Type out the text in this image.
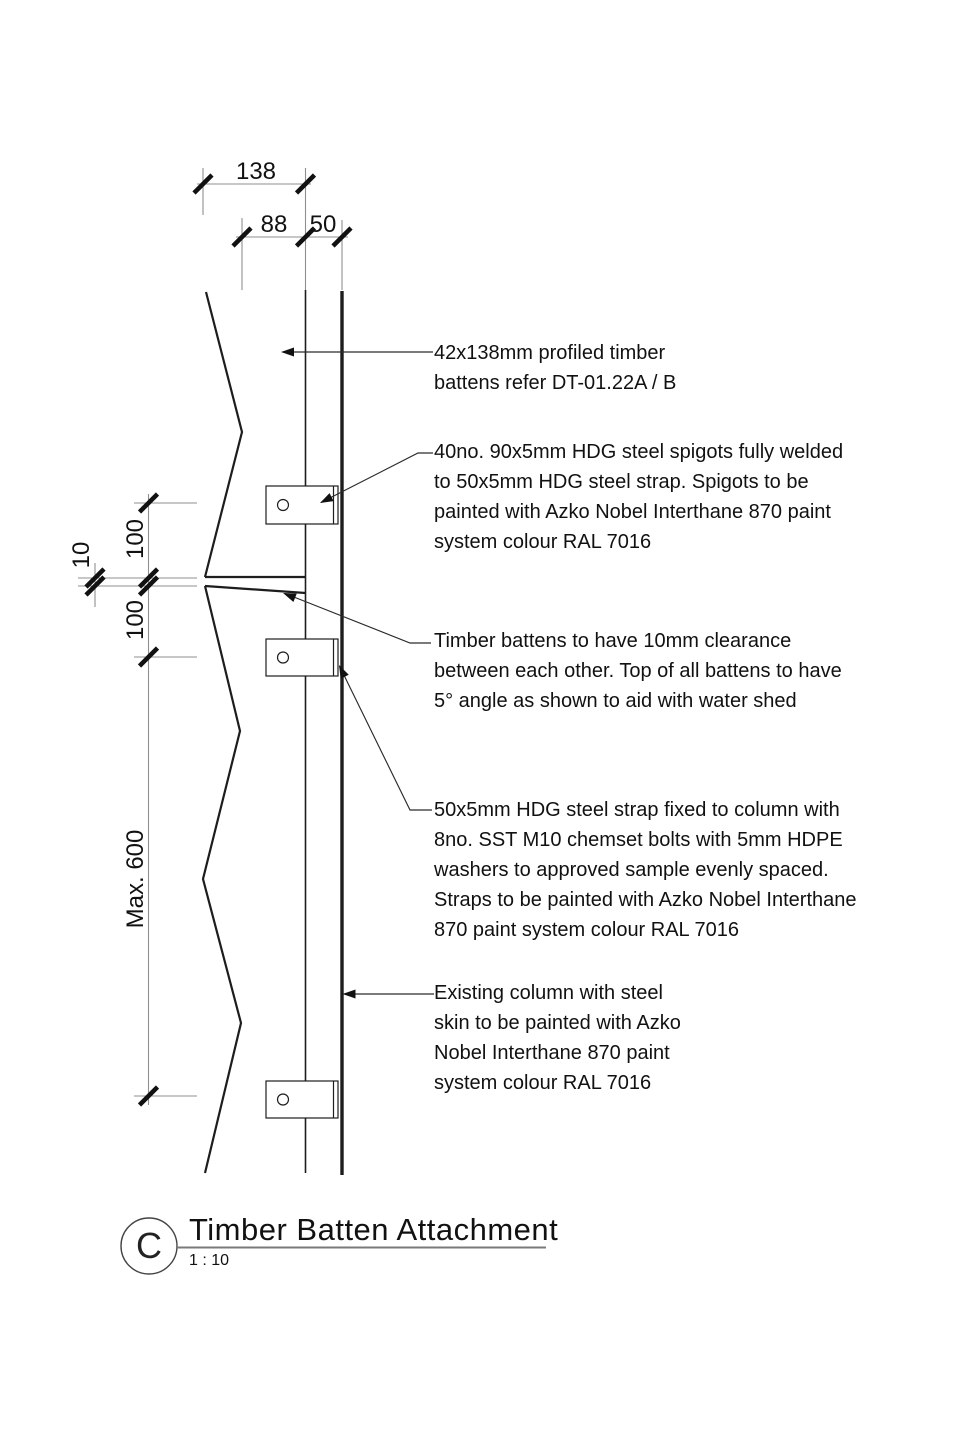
138
88 50
100
10
100
Max. 600
42x138mm profiled timber
battens refer DT-01.22A / B
40no. 90x5mm HDG steel spigots fully welded
to 50x5mm HDG steel strap. Spigots to be
painted with Azko Nobel Interthane 870 paint
system colour RAL 7016
Timber battens to have 10mm clearance
between each other. Top of all battens to have
5° angle as shown to aid with water shed
50x5mm HDG steel strap fixed to column with
8no. SST M10 chemset bolts with 5mm HDPE
washers to approved sample evenly spaced.
Straps to be painted with Azko Nobel Interthane
870 paint system colour RAL 7016
Existing column with steel
skin to be painted with Azko
Nobel Interthane 870 paint
system colour RAL 7016
C Timber Batten Attachment
1 : 10
